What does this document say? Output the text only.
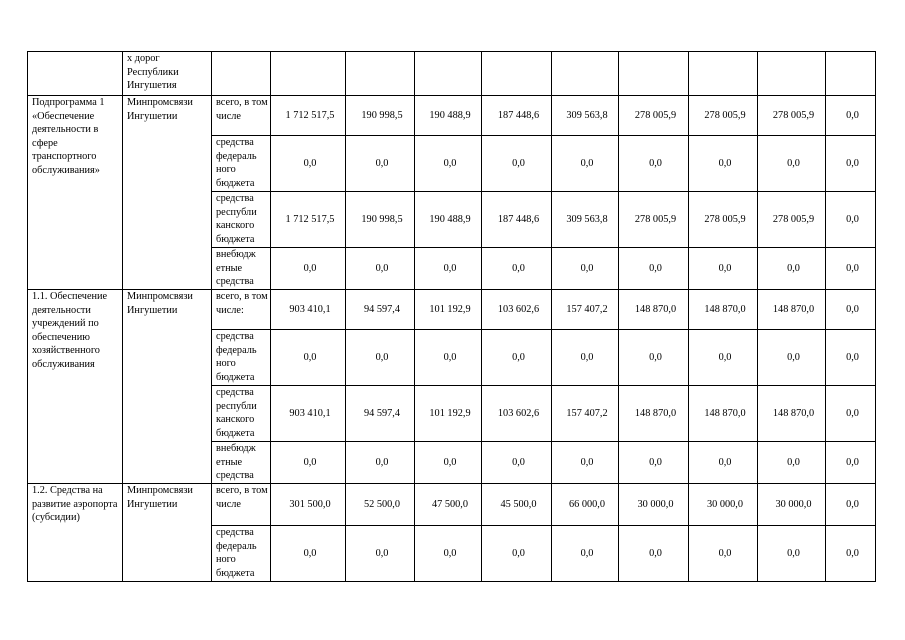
	х дорог Республики Ингушетия										
Подпрограмма 1 «Обеспечение деятельности в сфере транспортного обслуживания»	Минпромсвязи Ингушетии	всего, в том числе	1 712 517,5	190 998,5	190 488,9	187 448,6	309 563,8	278 005,9	278 005,9	278 005,9	0,0
		средства федераль ного бюджета	0,0	0,0	0,0	0,0	0,0	0,0	0,0	0,0	0,0
		средства республи канского бюджета	1 712 517,5	190 998,5	190 488,9	187 448,6	309 563,8	278 005,9	278 005,9	278 005,9	0,0
		внебюдж етные средства	0,0	0,0	0,0	0,0	0,0	0,0	0,0	0,0	0,0
1.1. Обеспечение деятельности учреждений по обеспечению хозяйственного обслуживания	Минпромсвязи Ингушетии	всего, в том числе:	903 410,1	94 597,4	101 192,9	103 602,6	157 407,2	148 870,0	148 870,0	148 870,0	0,0
		средства федераль ного бюджета	0,0	0,0	0,0	0,0	0,0	0,0	0,0	0,0	0,0
		средства республи канского бюджета	903 410,1	94 597,4	101 192,9	103 602,6	157 407,2	148 870,0	148 870,0	148 870,0	0,0
		внебюдж етные средства	0,0	0,0	0,0	0,0	0,0	0,0	0,0	0,0	0,0
1.2. Средства на развитие аэропорта (субсидии)	Минпромсвязи Ингушетии	всего, в том числе	301 500,0	52 500,0	47 500,0	45 500,0	66 000,0	30 000,0	30 000,0	30 000,0	0,0
		средства федераль ного бюджета	0,0	0,0	0,0	0,0	0,0	0,0	0,0	0,0	0,0
